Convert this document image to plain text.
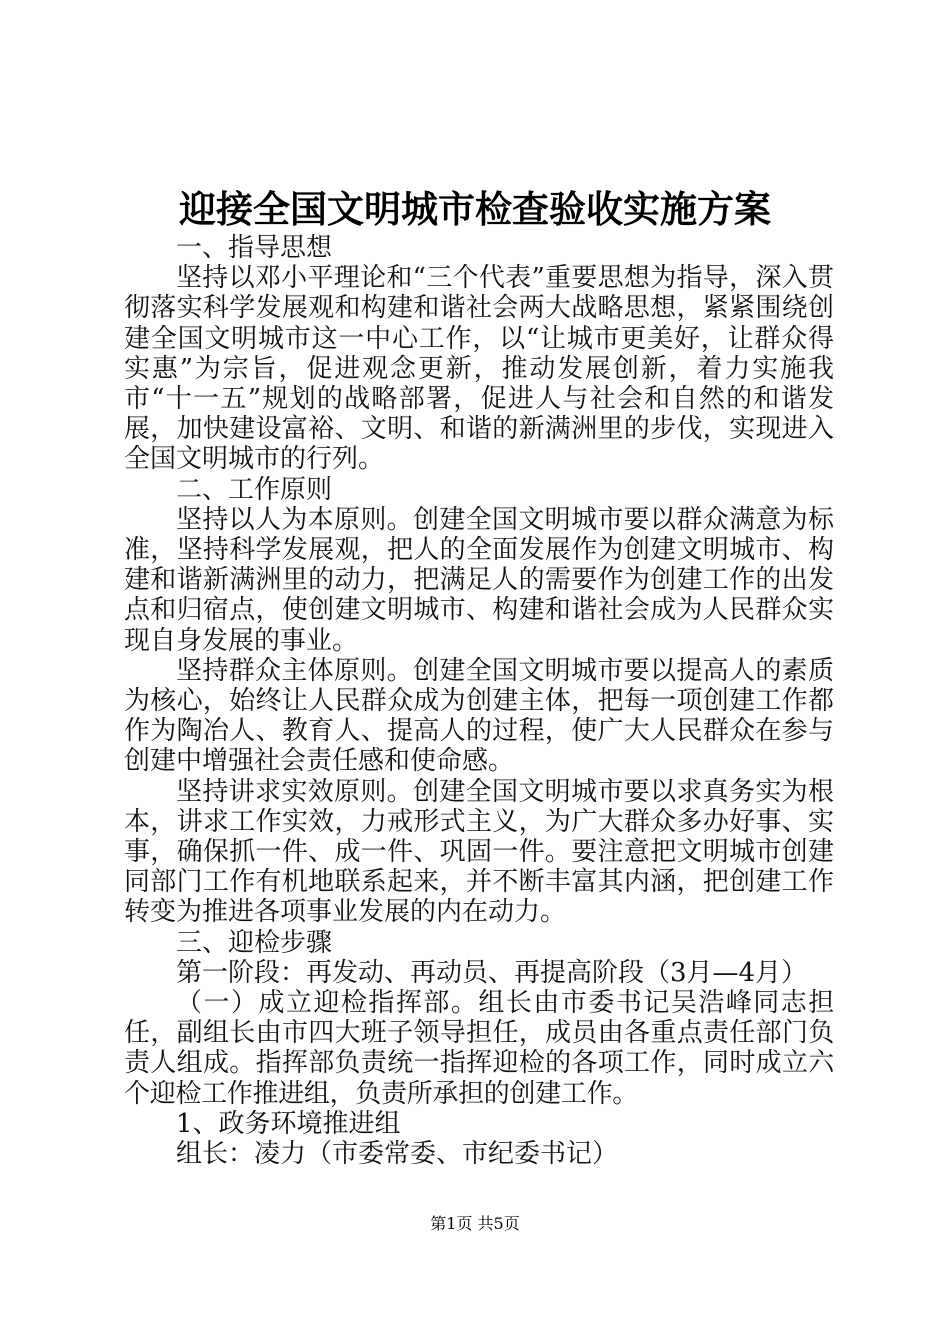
迎接全国文明城市检查验收实施方案

一、指导思想

坚持以邓小平理论和“三个代表”重要思想为指导，深入贯彻落实科学发展观和构建和谐社会两大战略思想，紧紧围绕创建全国文明城市这一中心工作，以“让城市更美好，让群众得实惠”为宗旨，促进观念更新，推动发展创新，着力实施我市“十一五”规划的战略部署，促进人与社会和自然的和谐发展，加快建设富裕、文明、和谐的新满洲里的步伐，实现进入全国文明城市的行列。

二、工作原则

坚持以人为本原则。创建全国文明城市要以群众满意为标准，坚持科学发展观，把人的全面发展作为创建文明城市、构建和谐新满洲里的动力，把满足人的需要作为创建工作的出发点和归宿点，使创建文明城市、构建和谐社会成为人民群众实现自身发展的事业。

坚持群众主体原则。创建全国文明城市要以提高人的素质为核心，始终让人民群众成为创建主体，把每一项创建工作都作为陶冶人、教育人、提高人的过程，使广大人民群众在参与创建中增强社会责任感和使命感。

坚持讲求实效原则。创建全国文明城市要以求真务实为根本，讲求工作实效，力戒形式主义，为广大群众多办好事、实事，确保抓一件、成一件、巩固一件。要注意把文明城市创建同部门工作有机地联系起来，并不断丰富其内涵，把创建工作转变为推进各项事业发展的内在动力。

三、迎检步骤

第一阶段：再发动、再动员、再提高阶段（3月—4月）

（一）成立迎检指挥部。组长由市委书记吴浩峰同志担任，副组长由市四大班子领导担任，成员由各重点责任部门负责人组成。指挥部负责统一指挥迎检的各项工作，同时成立六个迎检工作推进组，负责所承担的创建工作。

1、政务环境推进组

组长：凌力（市委常委、市纪委书记）

第1页 共5页
